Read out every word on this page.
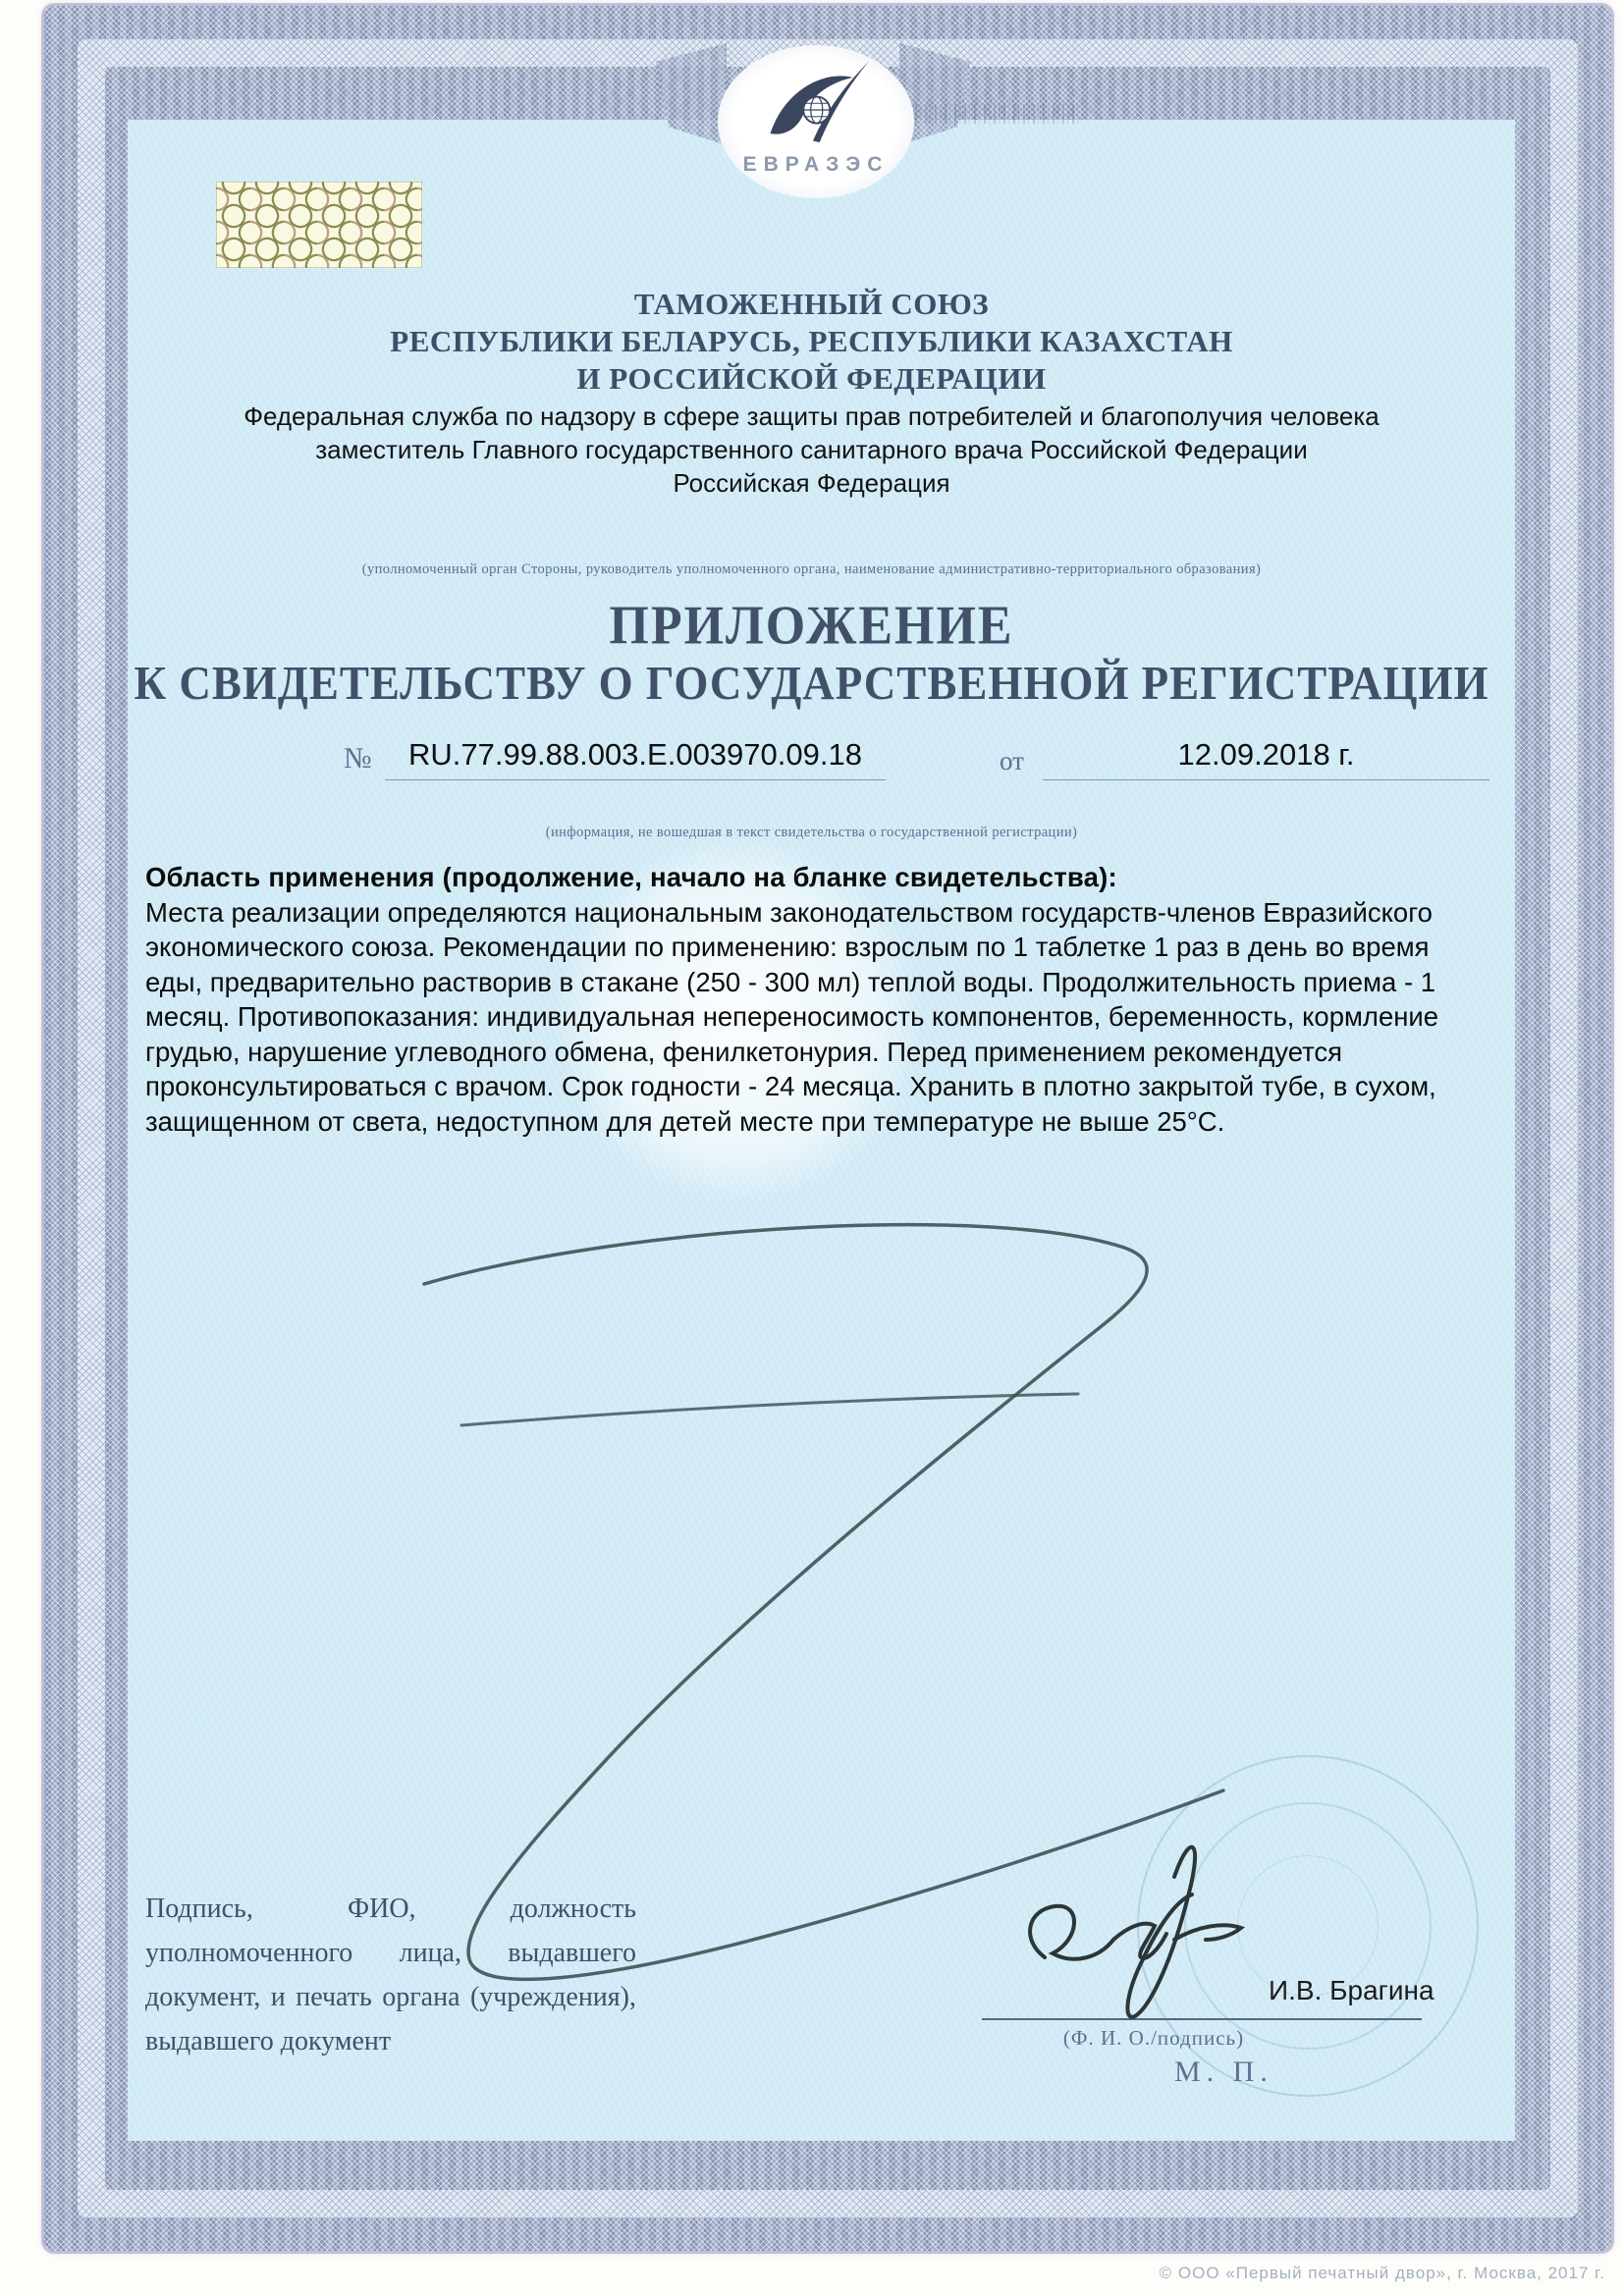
ЕВРАЗЭС
ТАМОЖЕННЫЙ СОЮЗ
РЕСПУБЛИКИ БЕЛАРУСЬ, РЕСПУБЛИКИ КАЗАХСТАН
И РОССИЙСКОЙ ФЕДЕРАЦИИ
Федеральная служба по надзору в сфере защиты прав потребителей и благополучия человека
заместитель Главного государственного санитарного врача Российской Федерации
Российская Федерация
(уполномоченный орган Стороны, руководитель уполномоченного органа, наименование административно-территориального образования)
ПРИЛОЖЕНИЕ
К СВИДЕТЕЛЬСТВУ О ГОСУДАРСТВЕННОЙ РЕГИСТРАЦИИ
№	RU.77.99.88.003.E.003970.09.18	от	12.09.2018 г.
(информация, не вошедшая в текст свидетельства о государственной регистрации)
Область применения (продолжение, начало на бланке свидетельства):
Места реализации определяются национальным законодательством государств-членов Евразийского экономического союза. Рекомендации по применению: взрослым по 1 таблетке 1 раз в день во время еды, предварительно растворив в стакане (250 - 300 мл) теплой воды. Продолжительность приема - 1 месяц. Противопоказания: индивидуальная непереносимость компонентов, беременность, кормление грудью, нарушение углеводного обмена, фенилкетонурия. Перед применением рекомендуется проконсультироваться с врачом. Срок годности - 24 месяца. Хранить в плотно закрытой тубе, в сухом, защищенном от света, недоступном для детей месте при температуре не выше 25°С.
Подпись, ФИО, должность уполномоченного лица, выдавшего документ, и печать органа (учреждения), выдавшего документ
И.В. Брагина
(Ф. И. О./подпись)
М. П.
© ООО «Первый печатный двор», г. Москва, 2017 г.
